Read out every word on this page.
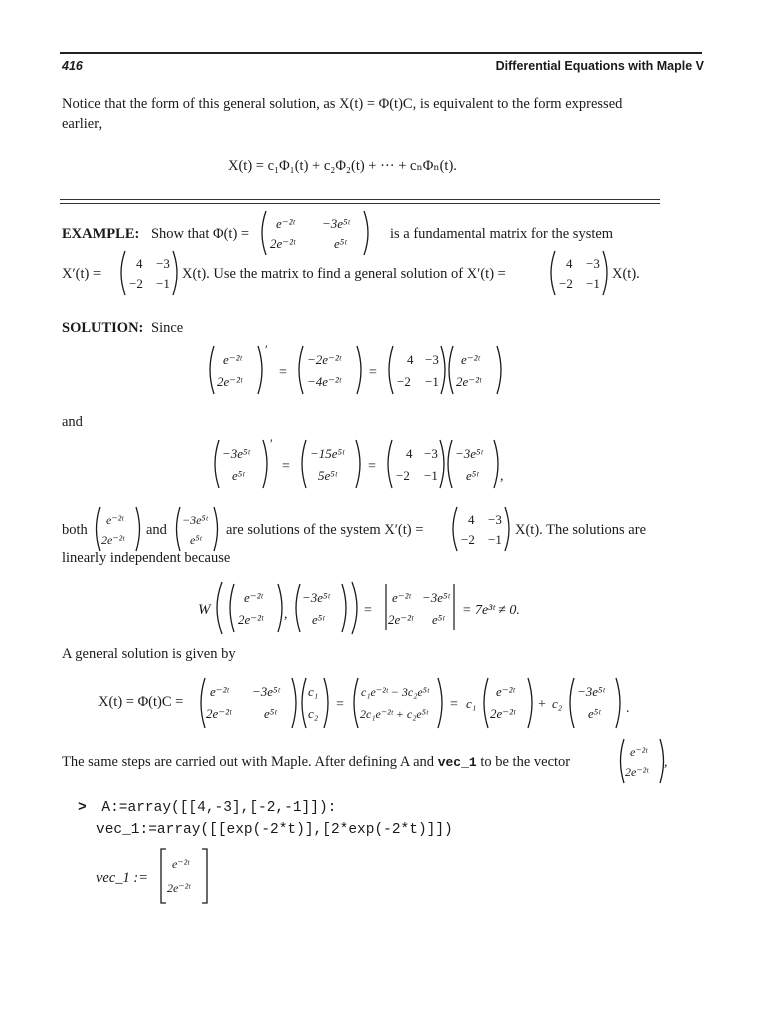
416	Differential Equations with Maple V
Notice that the form of this general solution, as X(t) = Φ(t)C, is equivalent to the form expressed
earlier,
X(t) = c₁Φ₁(t) + c₂Φ₂(t) + ··· + cₙΦₙ(t).
EXAMPLE: Show that Φ(t) =
e⁻²ᵗ −3e⁵ᵗ
2e⁻²ᵗ	e⁵ᵗ
is a fundamental matrix for the system
X′(t) =
4 −3
−2 −1
X(t). Use the matrix to find a general solution of X′(t) =
4 −3
−2 −1
X(t).
SOLUTION: Since
e⁻²ᵗ
2e⁻²ᵗ
′
=
−2e⁻²ᵗ
−4e⁻²ᵗ
=
4 −3
−2 −1
e⁻²ᵗ
2e⁻²ᵗ
and
−3e⁵ᵗ
e⁵ᵗ
′
=
−15e⁵ᵗ
5e⁵ᵗ
=
4 −3
−2 −1
−3e⁵ᵗ
e⁵ᵗ ,
both
e⁻²ᵗ
2e⁻²ᵗ
and
−3e⁵ᵗ
e⁵ᵗ
are solutions of the system X′(t) =
4 −3
−2 −1
X(t). The solutions are
linearly independent because
W
e⁻²ᵗ
2e⁻²ᵗ ,
−3e⁵ᵗ
e⁵ᵗ
=
e⁻²ᵗ −3e⁵ᵗ
2e⁻²ᵗ e⁵ᵗ
= 7e³ᵗ ≠ 0.
A general solution is given by
X(t) = Φ(t)C =
e⁻²ᵗ −3e⁵ᵗ
2e⁻²ᵗ	e⁵ᵗ
c₁
c₂
=
c₁e⁻²ᵗ − 3c₂e⁵ᵗ
2c₁e⁻²ᵗ + c₂e⁵ᵗ
= c₁
e⁻²ᵗ
2e⁻²ᵗ
+ c₂
−3e⁵ᵗ
e⁵ᵗ .
The same steps are carried out with Maple. After defining A and vec_1 to be the vector
e⁻²ᵗ
2e⁻²ᵗ
,
> A:=array([[4,-3],[-2,-1]]):
vec_1:=array([[exp(-2*t)],[2*exp(-2*t)]])
vec_1 :=
e⁻²ᵗ
2e⁻²ᵗ
